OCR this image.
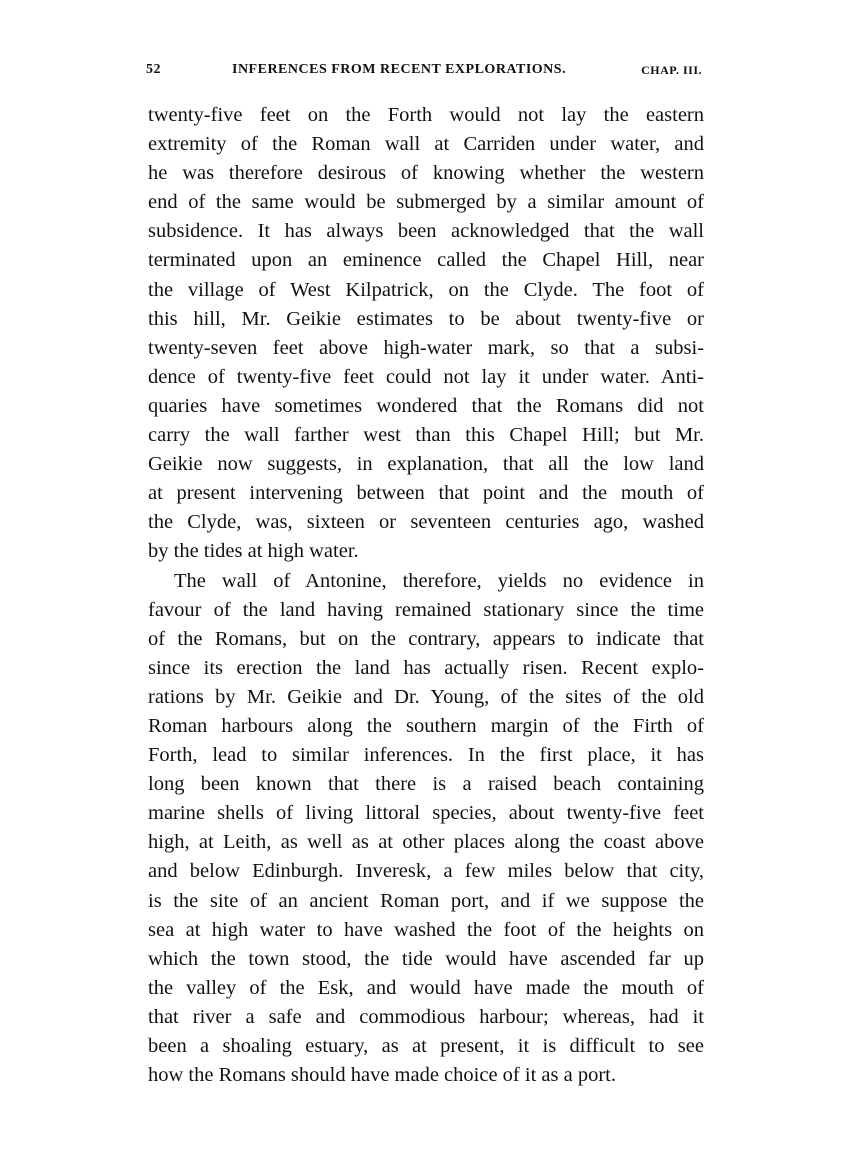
52	INFERENCES FROM RECENT EXPLORATIONS.	CHAP. III.
twenty-five feet on the Forth would not lay the eastern
extremity of the Roman wall at Carriden under water, and
he was therefore desirous of knowing whether the western
end of the same would be submerged by a similar amount of
subsidence. It has always been acknowledged that the wall
terminated upon an eminence called the Chapel Hill, near
the village of West Kilpatrick, on the Clyde. The foot of
this hill, Mr. Geikie estimates to be about twenty-five or
twenty-seven feet above high-water mark, so that a subsi-
dence of twenty-five feet could not lay it under water. Anti-
quaries have sometimes wondered that the Romans did not
carry the wall farther west than this Chapel Hill; but Mr.
Geikie now suggests, in explanation, that all the low land
at present intervening between that point and the mouth of
the Clyde, was, sixteen or seventeen centuries ago, washed
by the tides at high water.
The wall of Antonine, therefore, yields no evidence in
favour of the land having remained stationary since the time
of the Romans, but on the contrary, appears to indicate that
since its erection the land has actually risen. Recent explo-
rations by Mr. Geikie and Dr. Young, of the sites of the old
Roman harbours along the southern margin of the Firth of
Forth, lead to similar inferences. In the first place, it has
long been known that there is a raised beach containing
marine shells of living littoral species, about twenty-five feet
high, at Leith, as well as at other places along the coast above
and below Edinburgh. Inveresk, a few miles below that city,
is the site of an ancient Roman port, and if we suppose the
sea at high water to have washed the foot of the heights on
which the town stood, the tide would have ascended far up
the valley of the Esk, and would have made the mouth of
that river a safe and commodious harbour; whereas, had it
been a shoaling estuary, as at present, it is difficult to see
how the Romans should have made choice of it as a port.
